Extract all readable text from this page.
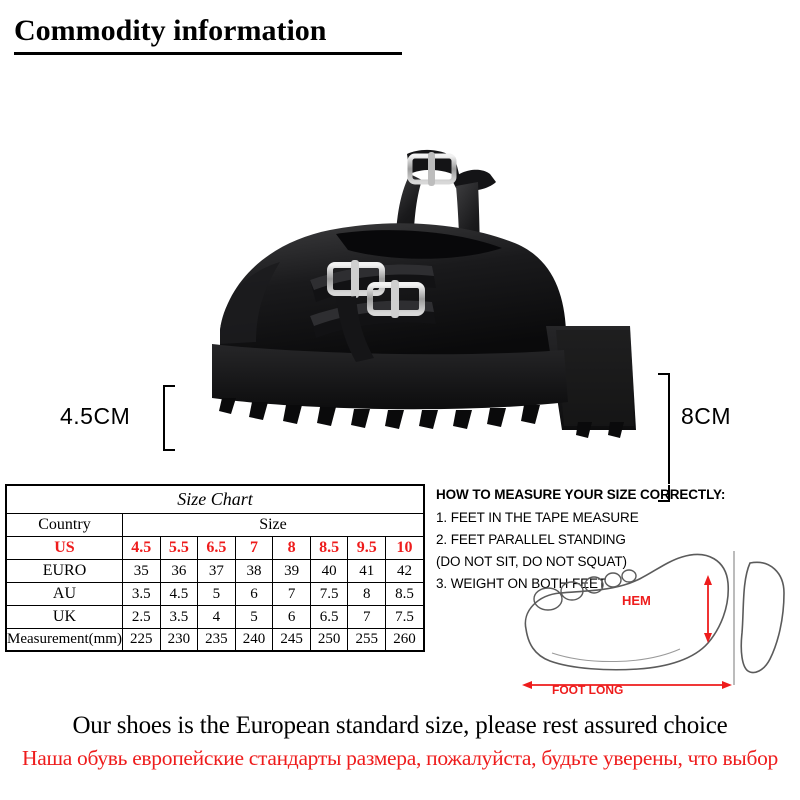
Commodity information
4.5CM	8CM
Size Chart								
Country	Size							
US	4.5	5.5	6.5	7	8	8.5	9.5	10
EURO	35	36	37	38	39	40	41	42
AU	3.5	4.5	5	6	7	7.5	8	8.5
UK	2.5	3.5	4	5	6	6.5	7	7.5
Measurement(mm)	225	230	235	240	245	250	255	260
HOW TO MEASURE YOUR SIZE CORRECTLY:
1. FEET IN THE TAPE MEASURE
2. FEET PARALLEL STANDING
(DO NOT SIT, DO NOT SQUAT)
3. WEIGHT ON BOTH FEET
HEM
FOOT LONG
Our shoes is the European standard size, please rest assured choice
Наша обувь европейские стандарты размера, пожалуйста, будьте уверены, что выбор
